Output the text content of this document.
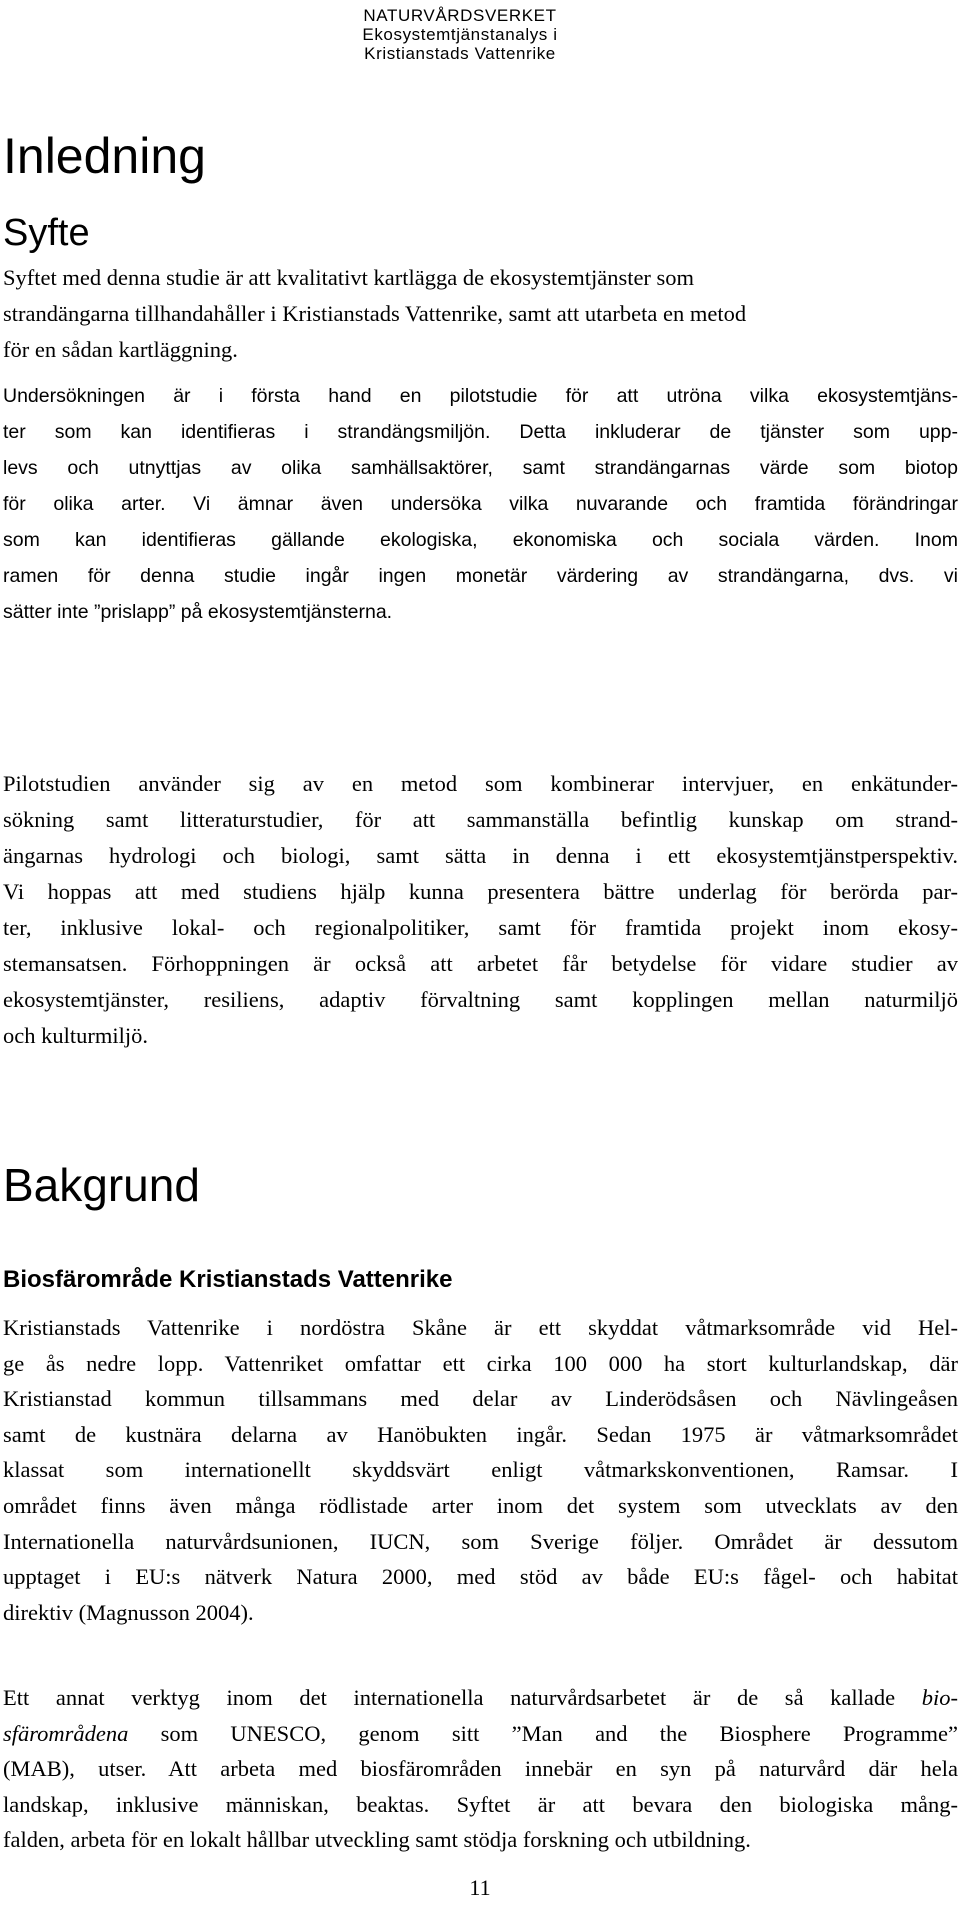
NATURVÅRDSVERKET
Ekosystemtjänstanalys i
Kristianstads Vattenrike
Inledning
Syfte
Syftet med denna studie är att kvalitativt kartlägga de ekosystemtjänster som
strandängarna tillhandahåller i Kristianstads Vattenrike, samt att utarbeta en metod
för en sådan kartläggning.
Undersökningen är i första hand en pilotstudie för att utröna vilka ekosystemtjäns-
ter som kan identifieras i strandängsmiljön. Detta inkluderar de tjänster som upp-
levs och utnyttjas av olika samhällsaktörer, samt strandängarnas värde som biotop
för olika arter. Vi ämnar även undersöka vilka nuvarande och framtida förändringar
som kan identifieras gällande ekologiska, ekonomiska och sociala värden. Inom
ramen för denna studie ingår ingen monetär värdering av strandängarna, dvs. vi
sätter inte ”prislapp” på ekosystemtjänsterna.
Pilotstudien använder sig av en metod som kombinerar intervjuer, en enkätunder-
sökning samt litteraturstudier, för att sammanställa befintlig kunskap om strand-
ängarnas hydrologi och biologi, samt sätta in denna i ett ekosystemtjänstperspektiv.
Vi hoppas att med studiens hjälp kunna presentera bättre underlag för berörda par-
ter, inklusive lokal- och regionalpolitiker, samt för framtida projekt inom ekosy-
stemansatsen. Förhoppningen är också att arbetet får betydelse för vidare studier av
ekosystemtjänster, resiliens, adaptiv förvaltning samt kopplingen mellan naturmiljö
och kulturmiljö.
Bakgrund
Biosfärområde Kristianstads Vattenrike
Kristianstads Vattenrike i nordöstra Skåne är ett skyddat våtmarksområde vid Hel-
ge ås nedre lopp. Vattenriket omfattar ett cirka 100 000 ha stort kulturlandskap, där
Kristianstad kommun tillsammans med delar av Linderödsåsen och Nävlingeåsen
samt de kustnära delarna av Hanöbukten ingår. Sedan 1975 är våtmarksområdet
klassat som internationellt skyddsvärt enligt våtmarkskonventionen, Ramsar. I
området finns även många rödlistade arter inom det system som utvecklats av den
Internationella naturvårdsunionen, IUCN, som Sverige följer. Området är dessutom
upptaget i EU:s nätverk Natura 2000, med stöd av både EU:s fågel- och habitat
direktiv (Magnusson 2004).
Ett annat verktyg inom det internationella naturvårdsarbetet är de så kallade bio-
sfärområdena som UNESCO, genom sitt ”Man and the Biosphere Programme”
(MAB), utser. Att arbeta med biosfärområden innebär en syn på naturvård där hela
landskap, inklusive människan, beaktas. Syftet är att bevara den biologiska mång-
falden, arbeta för en lokalt hållbar utveckling samt stödja forskning och utbildning.
11
